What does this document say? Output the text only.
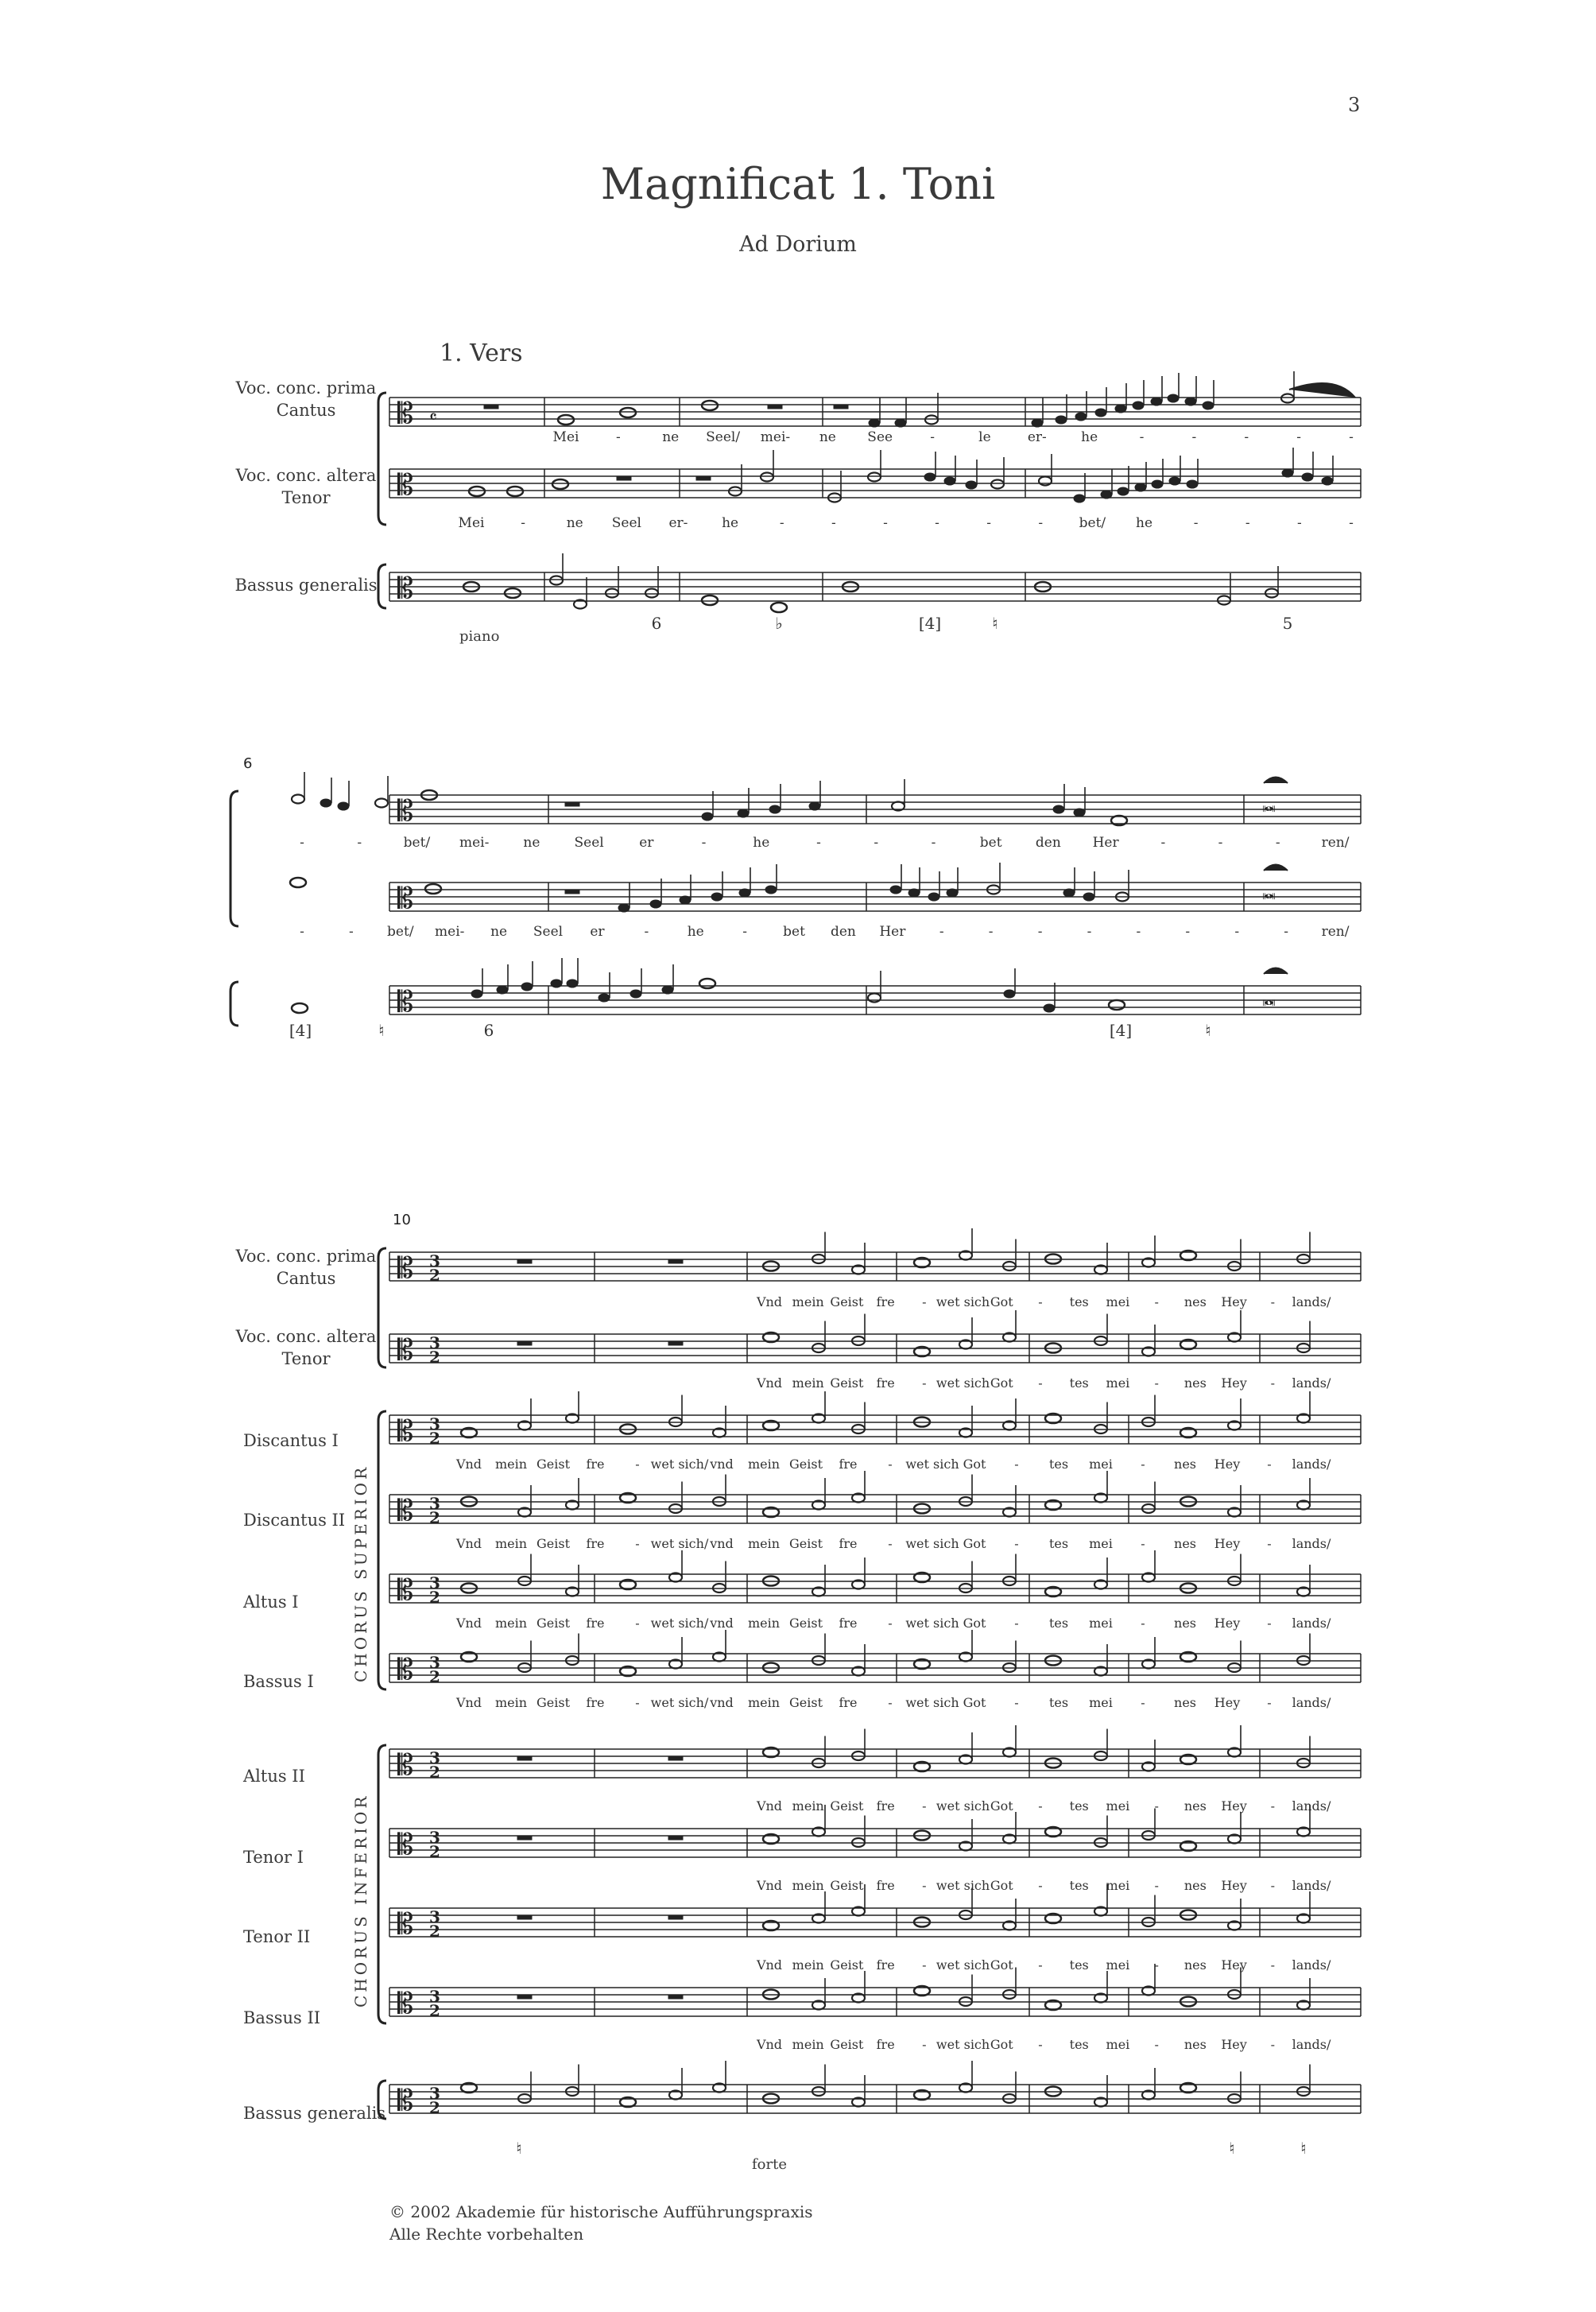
3
Magnificat 1. Toni
Ad Dorium
1. Vers
Voc. conc. prima
Cantus
Voc. conc. altera
Tenor
Bassus generalis
6
10
Voc. conc. prima
Cantus
Voc. conc. altera
Tenor
Discantus I
Discantus II
Altus I
Bassus I
Altus II
Tenor I
Tenor II
Bassus II
Bassus generalis
CHORUS SUPERIOR
CHORUS INFERIOR
piano
forte
Mei	-	ne Seel/ mei- ne See	-	le	er-	he	-	-	-	-	-
Mei	-	ne Seel er-	he	-	-	-	-	-	-	bet/ he	-	-	-	-
6	♭	[4]	♮	5
-	-	bet/ mei-	ne	Seel	er	-	he	-	-	-	bet den Her	-	-	-	ren/
-	- bet/ mei- ne Seel er	-	he	-	bet den Her	-	-	-	-	-	-	-	- ren/
[4]	♮	6	[4]	♮
Vnd mein Geist fre - wet sich Got - tes mei - nes Hey - lands/
Vnd mein Geist fre - wet sich Got - tes mei - nes Hey - lands/
Vnd mein Geist fre - wet sich Got - tes mei - nes Hey - lands/
Vnd mein Geist fre - wet sich Got - tes mei - nes Hey - lands/
Vnd mein Geist fre - wet sich Got - tes mei - nes Hey - lands/
Vnd mein Geist fre - wet sich Got - tes mei - nes Hey - lands/
Vnd mein Geist fre - wet sich/ vnd mein Geist fre - wet sich Got - tes mei - nes Hey - lands/
Vnd mein Geist fre - wet sich/ vnd mein Geist fre - wet sich Got - tes mei - nes Hey - lands/
Vnd mein Geist fre - wet sich/ vnd mein Geist fre - wet sich Got - tes mei - nes Hey - lands/
Vnd mein Geist fre - wet sich/ vnd mein Geist fre - wet sich Got - tes mei - nes Hey - lands/
♮	♮	♮
𝄡
𝄡
𝄡
𝄴
𝄡
𝄡
𝄡
𝅜
𝅜
𝅜
𝄡
𝄡
𝄡
𝄡
𝄡
𝄡
𝄡
𝄡
𝄡
𝄡
𝄡
3
2
3
2
3
2
3
2
3
2
3
2
3
2
3
2
3
2
3
2
3
2
© 2002 Akademie für historische Aufführungspraxis
Alle Rechte vorbehalten
